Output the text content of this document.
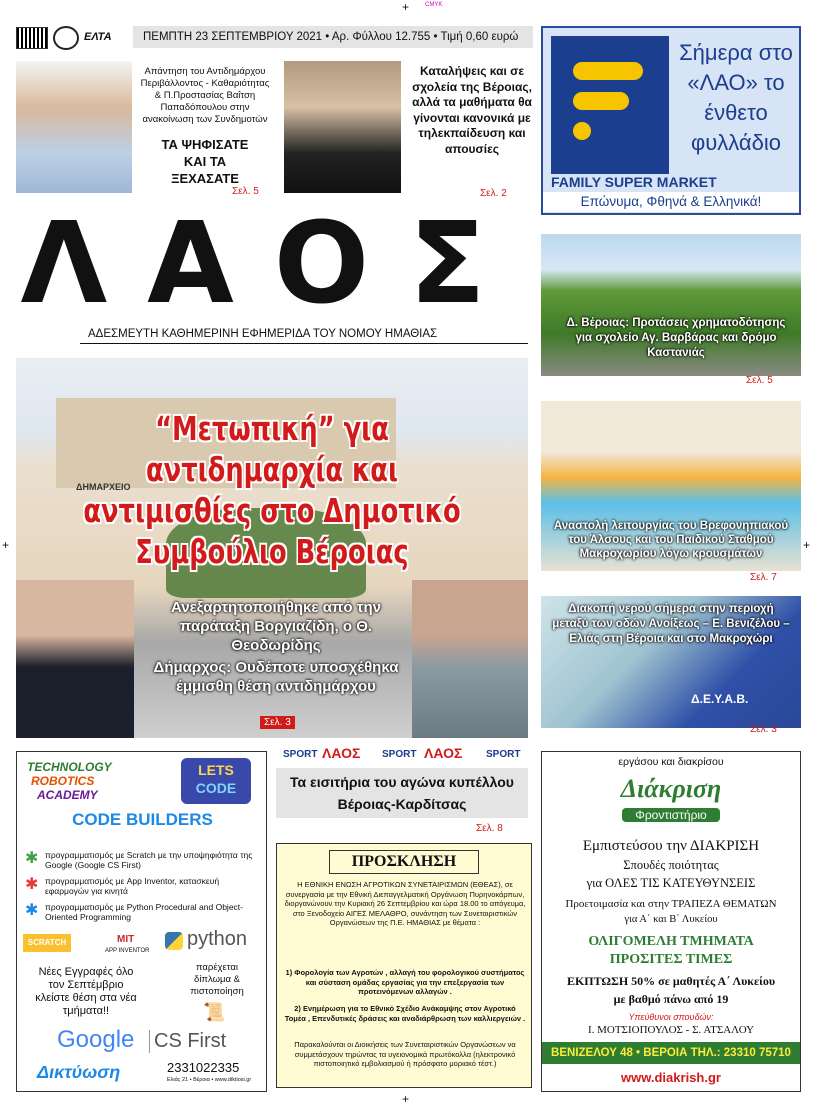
+	CMYK
+	+
+
ΕΛΤΑ	ΠΕΜΠΤΗ 23 ΣΕΠΤΕΜΒΡΙΟΥ 2021 • Αρ. Φύλλου 12.755 • Τιμή 0,60 ευρώ
Απάντηση του Αντιδημάρχου Περιβάλλοντος - Καθαριότητας & Π.Προστασίας Βαΐτση Παπαδόπουλου στην ανακοίνωση των Συνδημοτών
ΤΑ ΨΗΦΙΣΑΤΕ ΚΑΙ ΤΑ ΞΕΧΑΣΑΤΕ
Σελ. 5
Καταλήψεις και σε σχολεία της Βέροιας, αλλά τα μαθήματα θα γίνονται κανονικά με τηλεκπαίδευση και απουσίες
Σελ. 2
Σήμερα στο «ΛΑΟ» το ένθετο φυλλάδιο
FAMILY SUPER MARKET
Επώνυμα, Φθηνά & Ελληνικά!
ΛΑΟΣ
ΑΔΕΣΜΕΥΤΗ ΚΑΘΗΜΕΡΙΝΗ ΕΦΗΜΕΡΙΔΑ ΤΟΥ ΝΟΜΟΥ ΗΜΑΘΙΑΣ
Δ. Βέροιας: Προτάσεις χρηματοδότησης για σχολείο Αγ. Βαρβάρας και δρόμο Καστανιάς
Σελ. 5
ΔΗΜΑΡΧΕΙΟ
“Μετωπική” για αντιδημαρχία και αντιμισθίες στο Δημοτικό Συμβούλιο Βέροιας
Ανεξαρτητοποιήθηκε από την παράταξη Βοργιαζίδη, ο Θ. Θεοδωρίδης
Δήμαρχος: Ουδέποτε υποσχέθηκα έμμισθη θέση αντιδημάρχου
Σελ. 3
Αναστολή λειτουργίας του Βρεφονηπιακού του Άλσους και του Παιδικού Σταθμού Μακροχωρίου λόγω κρουσμάτων
Σελ. 7
Διακοπή νερού σήμερα στην περιοχή μεταξύ των οδών Ανοίξεως – Ε. Βενιζέλου – Ελιάς στη Βέροια και στο Μακροχώρι
Δ.Ε.Υ.Α.Β.
Σελ. 3
TECHNOLOGY
ROBOTICS
ACADEMY
LETS
CODE
CODE BUILDERS
✱ προγραμματισμός με Scratch με την υποψηφιότητα της Google (Google CS First)
✱ προγραμματισμός με App Inventor, κατασκευή εφαρμογών για κινητά
✱ προγραμματισμός με Python Procedural and Object-Oriented Programming
SCRATCH	MIT
APP INVENTOR
python
Νέες Εγγραφές όλο τον Σεπτέμβριο κλείστε θέση στα νέα τμήματα!!
παρέχεται δίπλωμα & πιστοποίηση
📜
Google CS First
Δικτύωση	2331022335
Ελιάς 21 • Βέροια • www.diktiosi.gr
SPORT ΛΑΟΣ SPORT ΛΑΟΣ SPORT
Τα εισιτήρια του αγώνα κυπέλλου Βέροιας-Καρδίτσας
Σελ. 8
ΠΡΟΣΚΛΗΣΗ
Η ΕΘΝΙΚΗ ΕΝΩΣΗ ΑΓΡΟΤΙΚΩΝ ΣΥΝΕΤΑΙΡΙΣΜΩΝ (ΕΘΕΑΣ), σε συνεργασία με την Εθνική Διεπαγγελματική Οργάνωση Πυρηνοκάρπων, διοργανώνουν την Κυριακή 26 Σεπτεμβρίου και ώρα 18.00 το απόγευμα, στο Ξενοδοχείο ΑΙΓΕΣ ΜΕΛΑΘΡΟ, συνάντηση των Συνεταιριστικών Οργανώσεων της Π.Ε. ΗΜΑΘΙΑΣ με θέματα :
1) Φορολογία των Αγροτών , αλλαγή του φορολογικού συστήματος και σύσταση ομάδας εργασίας για την επεξεργασία των προτεινόμενων αλλαγών .
2) Ενημέρωση για το Εθνικό Σχέδιο Ανάκαμψης στον Αγροτικό Τομέα , Επενδυτικές δράσεις και αναδιάρθρωση των καλλιεργειών .
Παρακαλούνται οι Διοικήσεις των Συνεταιριστικών Οργανώσεων να συμμετάσχουν τηρώντας τα υγειονομικά πρωτόκολλα (ηλεκτρονικό πιστοποιητικό εμβολιασμού ή πρόσφατο μοριακό τέστ.)
εργάσου και διακρίσου
Διάκριση
Φροντιστήριο
Εμπιστεύσου την ΔΙΑΚΡΙΣΗ
Σπουδές ποιότητας
για ΟΛΕΣ ΤΙΣ ΚΑΤΕΥΘΥΝΣΕΙΣ
Προετοιμασία και στην ΤΡΑΠΕΖΑ ΘΕΜΑΤΩΝ
για Α΄ και Β΄ Λυκείου
ΟΛΙΓΟΜΕΛΗ ΤΜΗΜΑΤΑ
ΠΡΟΣΙΤΕΣ ΤΙΜΕΣ
ΕΚΠΤΩΣΗ 50% σε μαθητές Α΄ Λυκείου
με βαθμό πάνω από 19
Υπεύθυνοι σπουδών:
Ι. ΜΟΤΣΙΟΠΟΥΛΟΣ - Σ. ΑΤΣΑΛΟΥ
ΒΕΝΙΖΕΛΟΥ 48 • ΒΕΡΟΙΑ ΤΗΛ.: 23310 75710
www.diakrish.gr
